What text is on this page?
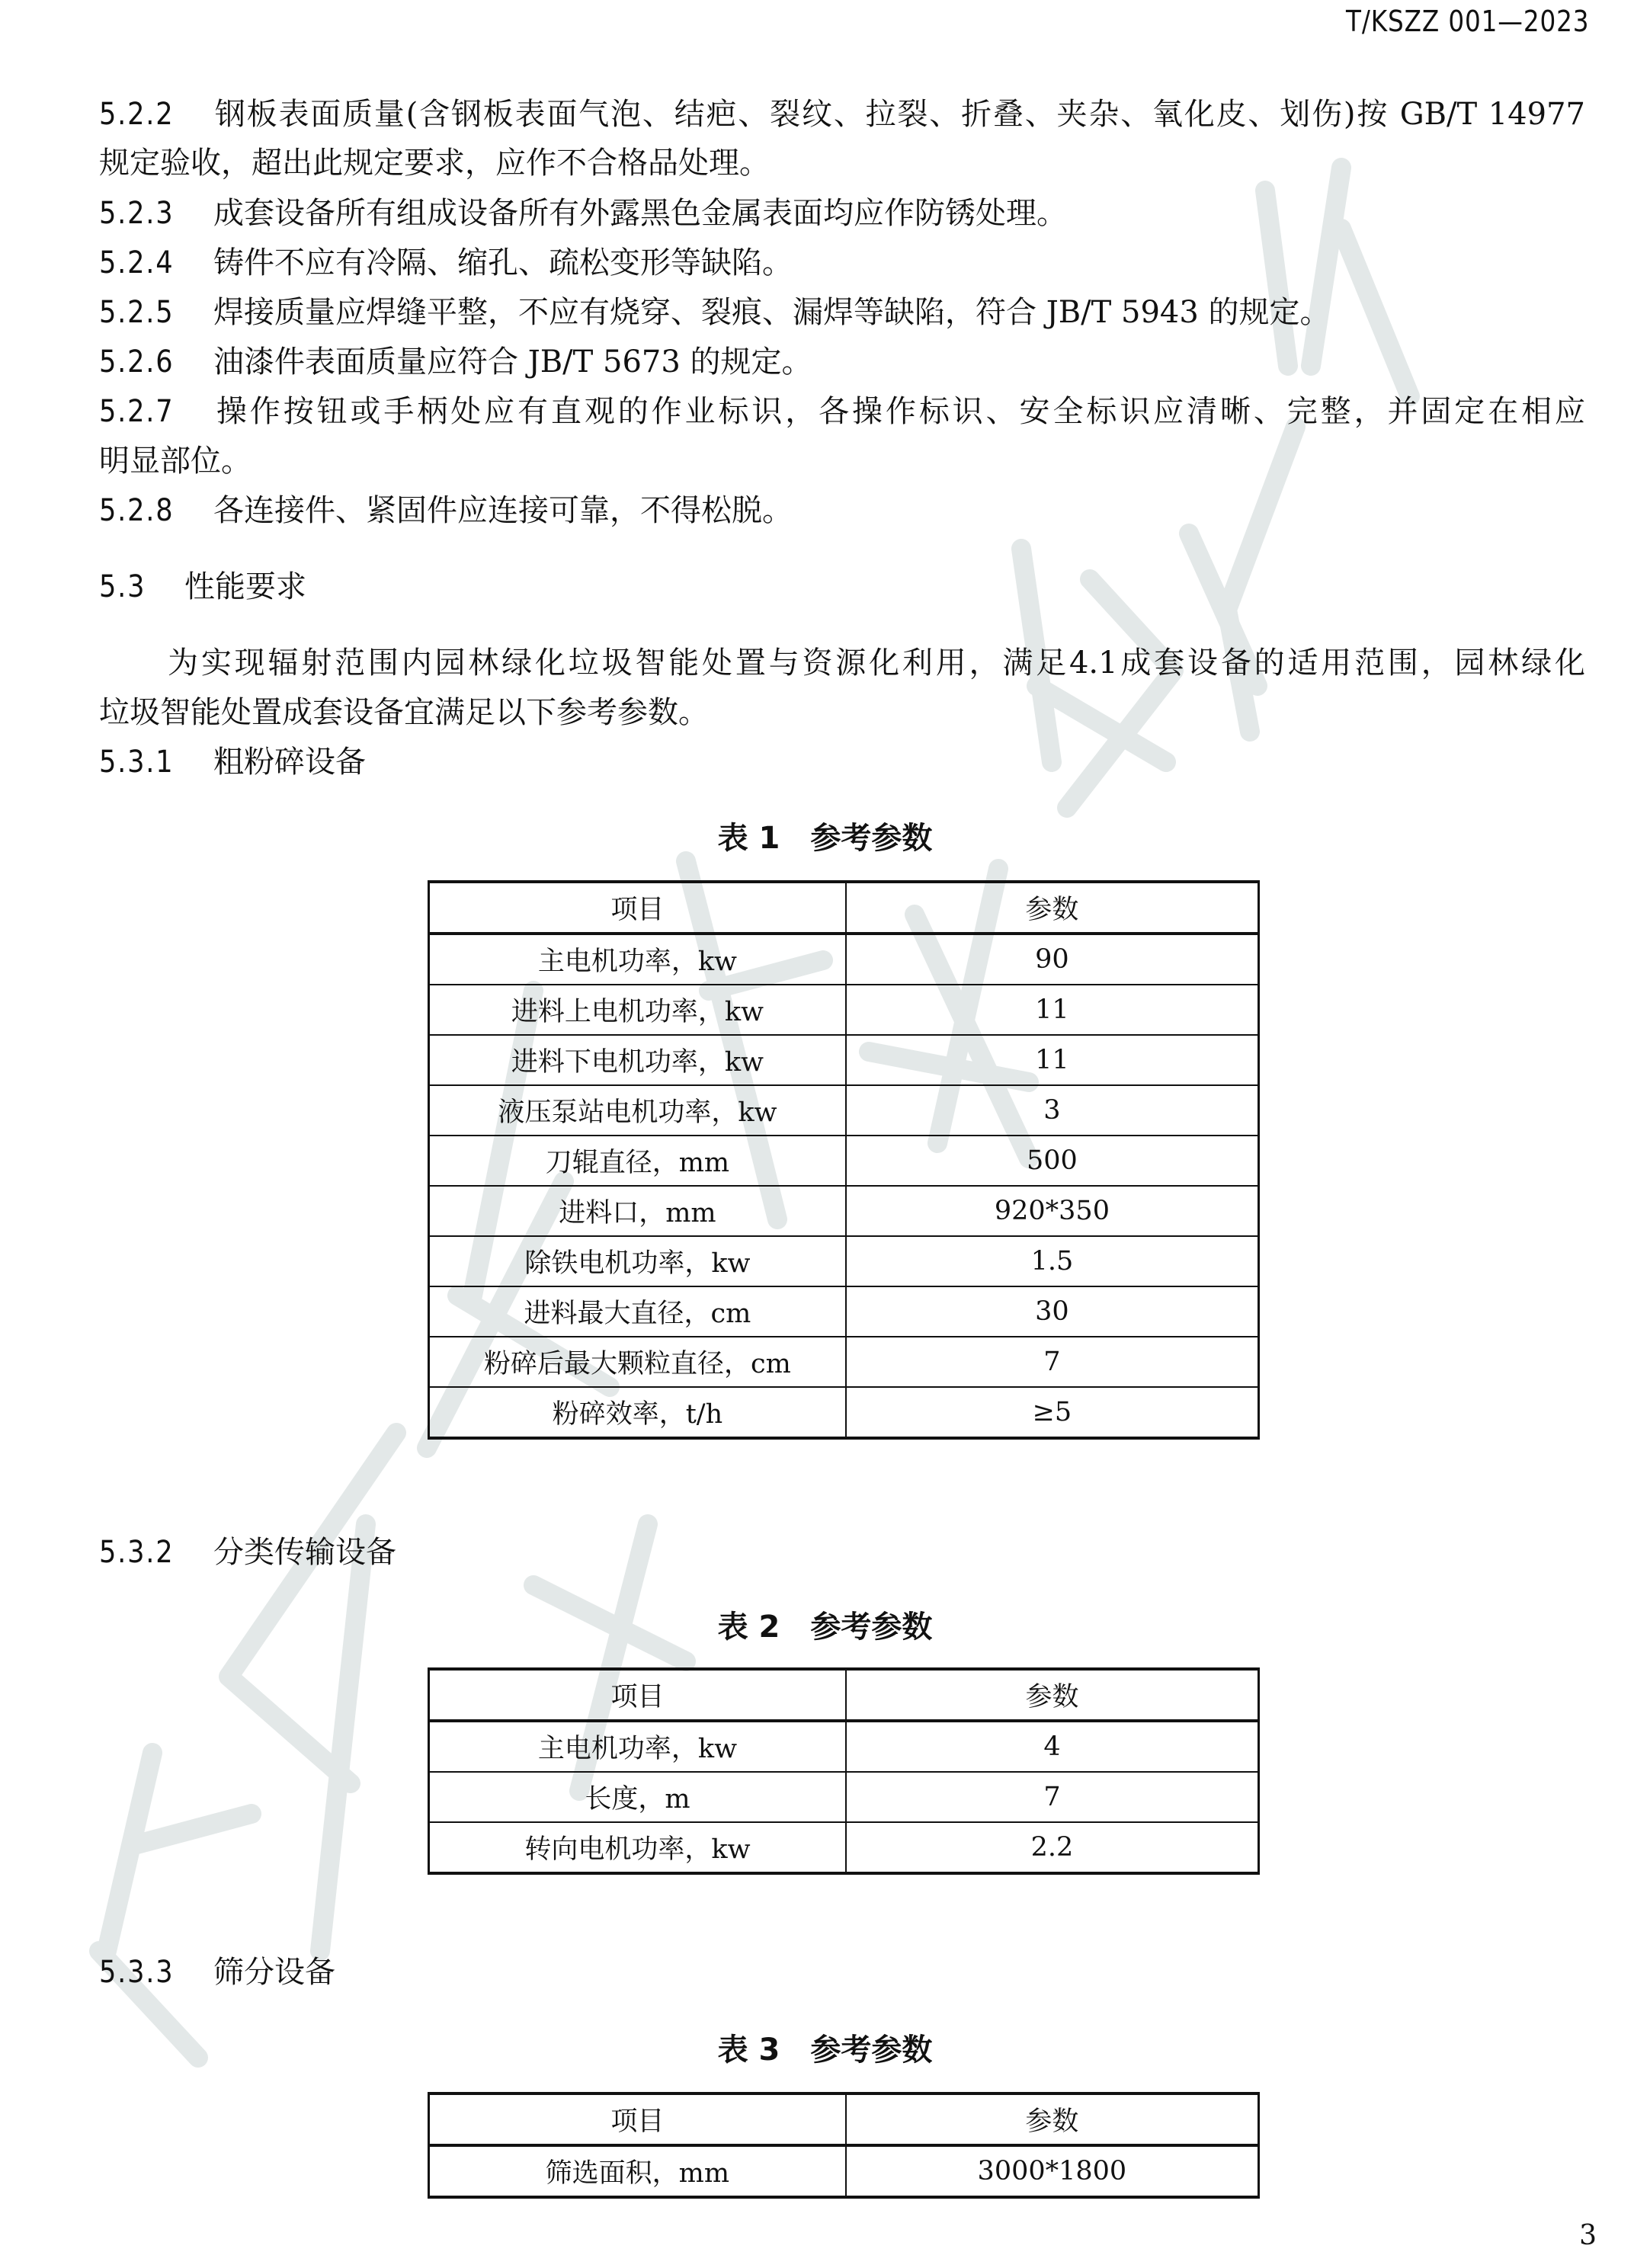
T/KSZZ 001—2023
5.2.2 钢板表面质量(含钢板表面气泡、结疤、裂纹、拉裂、折叠、夹杂、氧化皮、划伤)按 GB/T 14977
规定验收，超出此规定要求，应作不合格品处理。
5.2.3 成套设备所有组成设备所有外露黑色金属表面均应作防锈处理。
5.2.4 铸件不应有冷隔、缩孔、疏松变形等缺陷。
5.2.5 焊接质量应焊缝平整，不应有烧穿、裂痕、漏焊等缺陷，符合 JB/T 5943 的规定。
5.2.6 油漆件表面质量应符合 JB/T 5673 的规定。
5.2.7 操作按钮或手柄处应有直观的作业标识，各操作标识、安全标识应清晰、完整，并固定在相应
明显部位。
5.2.8 各连接件、紧固件应连接可靠，不得松脱。
5.3 性能要求
为实现辐射范围内园林绿化垃圾智能处置与资源化利用，满足4.1成套设备的适用范围，园林绿化
垃圾智能处置成套设备宜满足以下参考参数。
5.3.1 粗粉碎设备
表 1 参考参数
项目	参数
主电机功率，kw	90
进料上电机功率，kw	11
进料下电机功率，kw	11
液压泵站电机功率，kw	3
刀辊直径，mm	500
进料口，mm	920*350
除铁电机功率，kw	1.5
进料最大直径，cm	30
粉碎后最大颗粒直径，cm	7
粉碎效率，t/h	≥5
5.3.2 分类传输设备
表 2 参考参数
项目	参数
主电机功率，kw	4
长度，m	7
转向电机功率，kw	2.2
5.3.3 筛分设备
表 3 参考参数
项目	参数
筛选面积，mm	3000*1800
3
